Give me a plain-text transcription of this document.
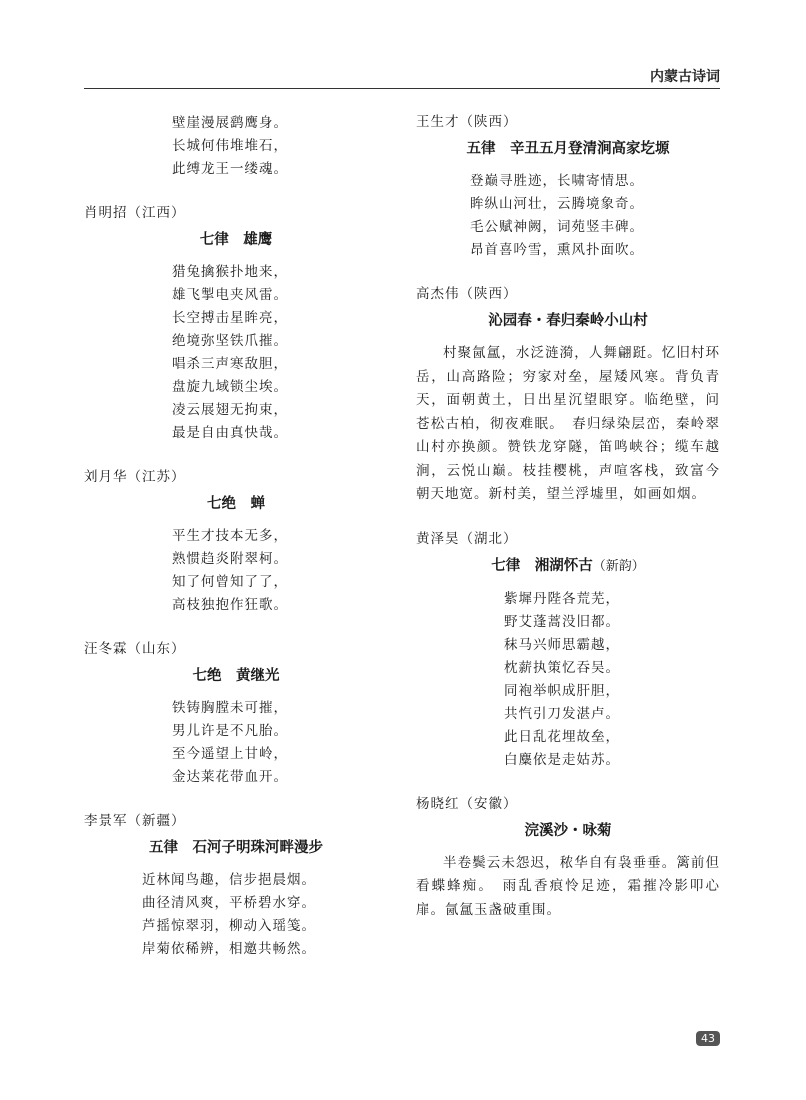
内蒙古诗词
壁崖漫展鹞鹰身。
长城何伟堆堆石，
此缚龙王一缕魂。
肖明招（江西）
七律　雄鹰
猎兔擒猴扑地来，
雄飞掣电夹风雷。
长空搏击星眸亮，
绝境弥坚铁爪摧。
唱杀三声寒敌胆，
盘旋九域锁尘埃。
凌云展翅无拘束，
最是自由真快哉。
刘月华（江苏）
七绝　蝉
平生才技本无多，
熟惯趋炎附翠柯。
知了何曾知了了，
高枝独抱作狂歌。
汪冬霖（山东）
七绝　黄继光
铁铸胸膛未可摧，
男儿许是不凡胎。
至今遥望上甘岭，
金达莱花带血开。
李景军（新疆）
五律　石河子明珠河畔漫步
近林闻鸟趣，信步挹晨烟。
曲径清风爽，平桥碧水穿。
芦摇惊翠羽，柳动入瑶笺。
岸菊依稀辨，相邀共畅然。
王生才（陕西）
五律　辛丑五月登清涧高家圪塬
登巅寻胜迹，长啸寄情思。
眸纵山河壮，云腾境象奇。
毛公赋神阙，词苑竖丰碑。
昂首喜吟雪，熏风扑面吹。
高杰伟（陕西）
沁园春・春归秦岭小山村

村聚氤氲，水泛涟漪，人舞翩跹。忆旧村环岳，山高路险；穷家对垒，屋矮风寒。背负青天，面朝黄土，日出星沉望眼穿。临绝壁，问苍松古柏，彻夜难眠。　春归绿染层峦，秦岭翠山村亦换颜。赞铁龙穿隧，笛鸣峡谷；缆车越涧，云悦山巅。枝挂樱桃，声喧客栈，致富今朝天地宽。新村美，望兰浮墟里，如画如烟。

黄泽昊（湖北）
七律　湘湖怀古（新韵）
紫墀丹陛各荒芜，
野艾蓬蒿没旧都。
秣马兴师思霸越，
枕薪执策忆吞吴。
同袍举帜成肝胆，
共忾引刀发湛卢。
此日乱花埋故垒，
白麋依是走姑苏。
杨晓红（安徽）
浣溪沙・咏菊

半卷鬓云未怨迟，秾华自有袅垂垂。篱前但看蝶蜂痴。　雨乱香痕怜足迹，霜摧冷影叩心扉。氤氲玉盏破重围。

43
